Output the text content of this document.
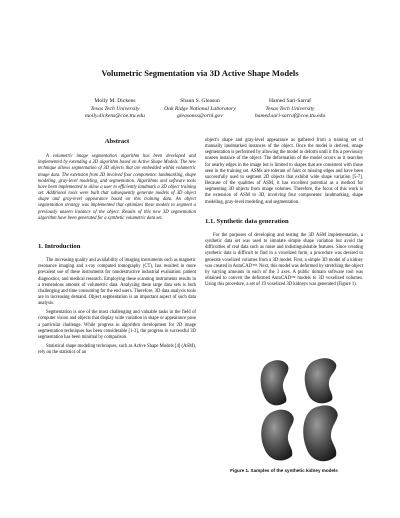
Volumetric Segmentation via 3D Active Shape Models
Molly M. Dickens
Texas Tech University
molly.dickens@coe.ttu.edu
Shaun S. Gleason
Oak Ridge National Laboratory
gleasonss@ornl.gov
Hamed Sari-Sarraf
Texas Tech University
hamed.sari-sarraf@coe.ttu.edu
Abstract

A volumetric image segmentation algorithm has been developed and implemented by extending a 2D algorithm based on Active Shape Models. The new technique allows segmentation of 3D objects that are embedded within volumetric image data. The extension from 2D involved four components: landmarking, shape modeling, gray-level modeling, and segmentation. Algorithms and software tools have been implemented to allow a user to efficiently landmark a 3D object training set. Additional tools were built that subsequently generate models of 3D object shape and gray-level appearance based on this training data. An object segmentation strategy was implemented that optimizes these models to segment a previously unseen instance of the object. Results of this new 3D segmentation algorithm have been generated for a synthetic volumetric data set.

1. Introduction

The increasing quality and availability of imaging instruments such as magnetic resonance imaging and x-ray computed tomography (CT), has resulted in more prevalent use of these instruments for nondestructive industrial evaluation, patient diagnostics, and medical research. Employing these scanning instruments results in a tremendous amount of volumetric data. Analyzing these large data sets is both challenging and time consuming for the end users. Therefore, 3D data analysis tools are in increasing demand. Object segmentation is an important aspect of such data analysis.

Segmentation is one of the most challenging and valuable tasks in the field of computer vision and objects that display wide variation in shape or appearance pose a particular challenge. While progress in algorithm development for 2D image segmentation techniques has been considerable [1-3], the progress in successful 3D segmentation has been minimal by comparison.

Statistical shape modeling techniques, such as Active Shape Models [4] (ASM), rely on the statistics of an

object's shape and gray-level appearance as gathered from a training set of manually landmarked instances of the object. Once the model is derived, image segmentation is performed by allowing the model to deform until it fits a previously unseen instance of the object. The deformation of the model occurs as it searches for nearby edges in the image but is limited to shapes that are consistent with those seen in the training set. ASMs are tolerant of faint or missing edges and have been successfully used to segment 2D objects that exhibit wide shape variation [5-7]. Because of the qualities of ASM, it has excellent potential as a method for segmenting 3D objects from image volumes. Therefore, the focus of this work is the extension of ASM to 3D, involving four components: landmarking, shape modeling, gray-level modeling, and segmentation.

1.1. Synthetic data generation

For the purposes of developing and testing the 3D ASM implementation, a synthetic data set was used to simulate simple shape variation but avoid the difficulties of real data such as noise and indistinguishable features. Since creating synthetic data is difficult to find in a voxelized form, a procedure was devised to generate voxelized volumes from a 3D model. First, a simple 3D model of a kidney was created in AutoCAD™. Next, this model was deformed by stretching the object by varying amounts in each of the 3 axes. A public domain software tool was obtained to convert the deformed AutoCAD™ models to 3D voxelized volumes. Using this procedure, a set of 19 voxelized 3D kidneys was generated (Figure 1).

Figure 1. Samples of the synthetic kidney models
